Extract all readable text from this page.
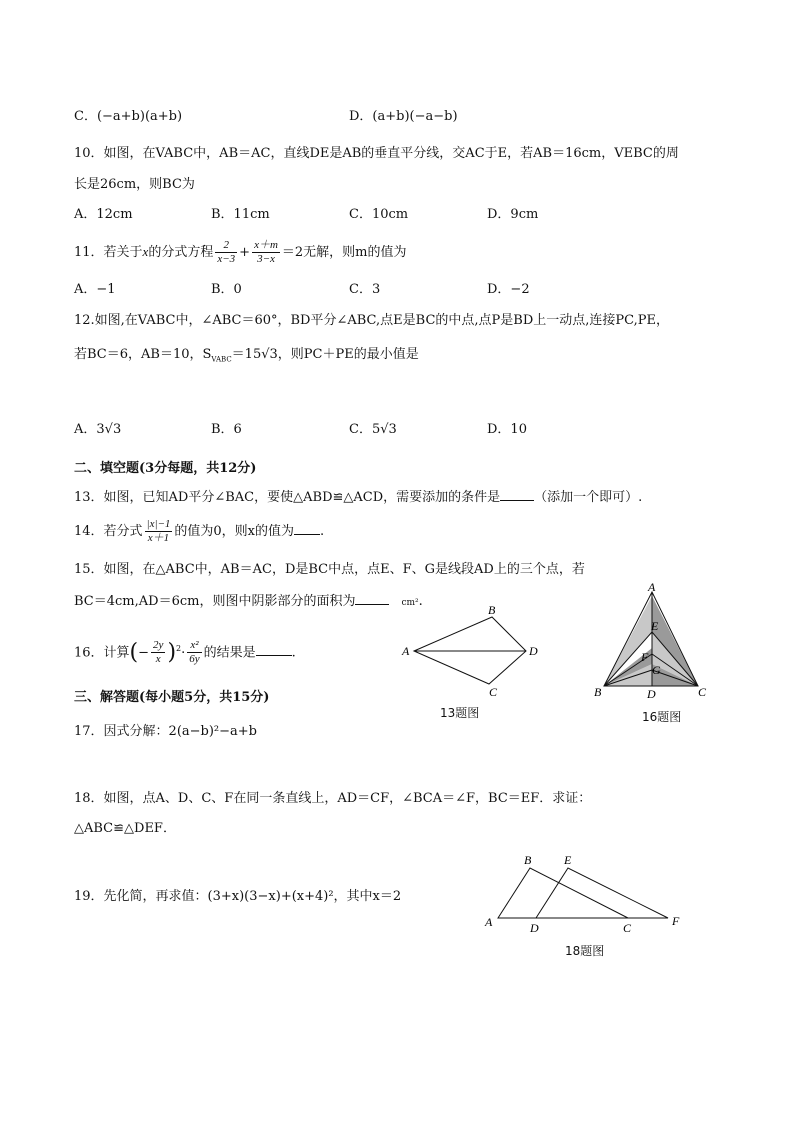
C．(−a+b)(a+b)	D．(a+b)(−a−b)
10．如图，在VABC中，AB＝AC，直线DE是AB的垂直平分线，交AC于E，若AB＝16cm，VEBC的周
长是26cm，则BC为
A．12cm	B．11cm	C．10cm	D．9cm
11．若关于x的分式方程 $\frac{2}{x-3} + \frac{x+m}{3-x} =2$无解，则m的值为
A．−1	B．0	C．3	D．−2
12.如图,在VABC中，∠ABC＝60°，BD平分∠ABC,点E是BC的中点,点P是BD上一动点,连接PC,PE，
若BC＝6，AB＝10，$S_{VABC}=15√3$，则PC＋PE的最小值是
A．3√3	B．6	C．5√3	D．10
二、填空题(3分每题，共12分)
13．如图，已知AD平分∠BAC，要使△ABD≌△ACD，需要添加的条件是	（添加一个即可）.
14．若分式 $\frac{|x|-1}{x+1}$ 的值为0，则x的值为 .
15．如图，在△ABC中，AB＝AC，D是BC中点，点E、F、G是线段AD上的三个点，若
BC＝4cm,AD＝6cm，则图中阴影部分的面积为	cm².
16．计算(− $\frac{2y}{x} )^2\cdot \frac{\text{x²}}{6y}$ 的结果是	.
三、解答题(每小题5分，共15分)
17．因式分解：2(a−b)²−a+b
18．如图，点A、D、C、F在同一条直线上，AD＝CF，∠BCA＝∠F，BC＝EF．求证：
△ABC≌△DEF．
19．先化简，再求值：(3+x)(3−x)+(x+4)²，其中x＝2
A
B
C
D
13题图
A
E
F
G
B	D	C
16题图
B	E
A	D	C	F
18题图
